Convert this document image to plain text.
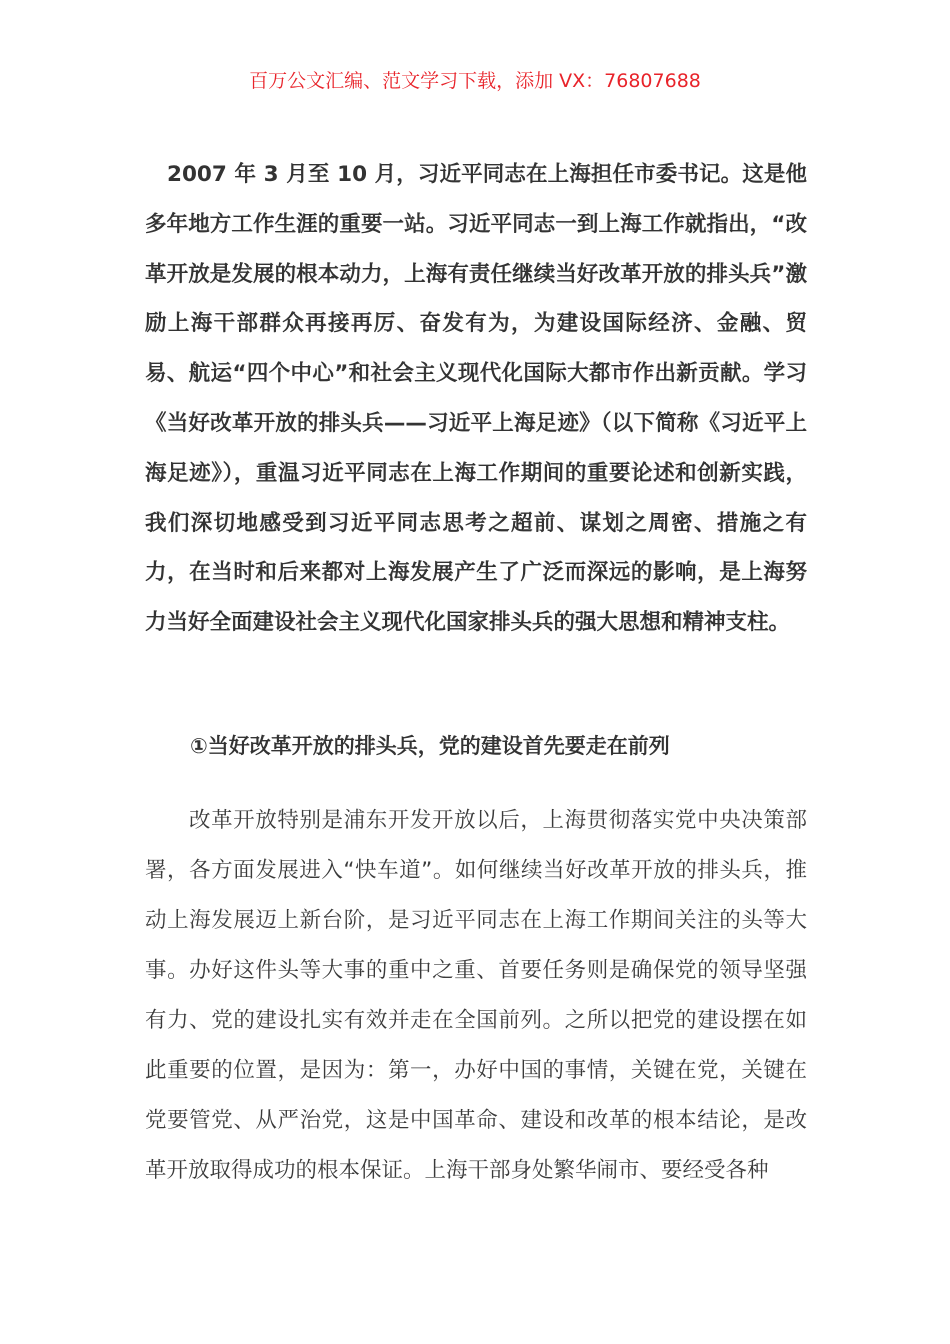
百万公文汇编、范文学习下载，添加 VX：76807688

2007 年 3 月至 10 月，习近平同志在上海担任市委书记。这是他多年地方工作生涯的重要一站。习近平同志一到上海工作就指出，“改革开放是发展的根本动力，上海有责任继续当好改革开放的排头兵”激励上海干部群众再接再厉、奋发有为，为建设国际经济、金融、贸易、航运“四个中心”和社会主义现代化国际大都市作出新贡献。学习《当好改革开放的排头兵——习近平上海足迹》（以下简称《习近平上海足迹》），重温习近平同志在上海工作期间的重要论述和创新实践，我们深切地感受到习近平同志思考之超前、谋划之周密、措施之有力，在当时和后来都对上海发展产生了广泛而深远的影响，是上海努力当好全面建设社会主义现代化国家排头兵的强大思想和精神支柱。

①当好改革开放的排头兵，党的建设首先要走在前列

改革开放特别是浦东开发开放以后，上海贯彻落实党中央决策部署，各方面发展进入“快车道”。如何继续当好改革开放的排头兵，推动上海发展迈上新台阶，是习近平同志在上海工作期间关注的头等大事。办好这件头等大事的重中之重、首要任务则是确保党的领导坚强有力、党的建设扎实有效并走在全国前列。之所以把党的建设摆在如此重要的位置，是因为：第一，办好中国的事情，关键在党，关键在党要管党、从严治党，这是中国革命、建设和改革的根本结论，是改革开放取得成功的根本保证。上海干部身处繁华闹市、要经受各种
